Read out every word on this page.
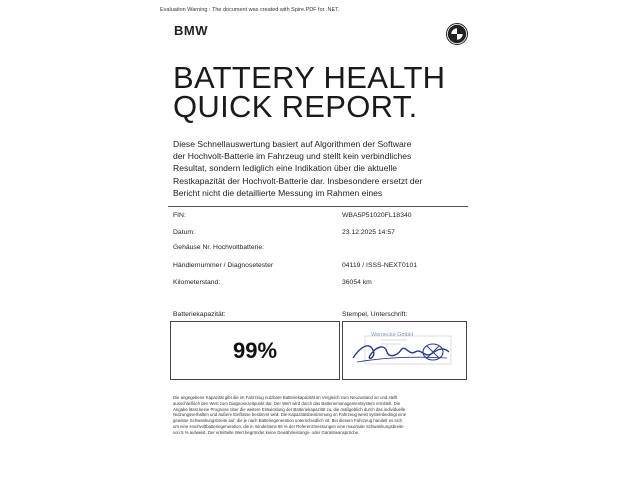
Evaluation Warning : The document was created with Spire.PDF for .NET.
BMW
BATTERY HEALTH
QUICK REPORT.
Diese Schnellauswertung basiert auf Algorithmen der Software der Hochvolt-Batterie im Fahrzeug und stellt kein verbindliches Resultat, sondern lediglich eine Indikation über die aktuelle Restkapazität der Hochvolt-Batterie dar. Insbesondere ersetzt der Bericht nicht die detaillierte Messung im Rahmen eines
FIN:	WBA5P51020FL18340
Datum:	23.12.2025 14:57
Gehäuse Nr. Hochvoltbatterie:
Händlernummer / Diagnosetester	04119 / ISSS-NEXT0101
Kilometerstand:	36054 km
Batteriekapazität:	Stempel, Unterschrift:
99%
Wernecke GmbH
Die angegebene Kapazität gibt die im Fahrzeug nutzbare Batteriekapazität im Vergleich zum Neuzustand an und stellt ausschließlich den Wert zum Diagnosezeitpunkt dar. Der Wert wird durch das Batteriemanagementsystem ermittelt. Die Angabe lässt keine Prognose über die weitere Entwicklung der Batteriekapazität zu, die maßgeblich durch das individuelle Nutzungsverhalten und äußere Einflüsse bestimmt wird. Die Kapazitätsbestimmung im Fahrzeug weist systembedingt eine gewisse Schwankungsbreite auf, die je nach Batteriegeneration unterschiedlich ist. Bei diesem Fahrzeug handelt es sich um eine Hochvoltbatteriegeneration, die in mindestens 66 % der Referenzmessungen eine maximale Schwankungsbreite von 5 % aufweist. Der ermittelte Wert begründet keine Gewährleistungs- oder Garantieansprüche.
